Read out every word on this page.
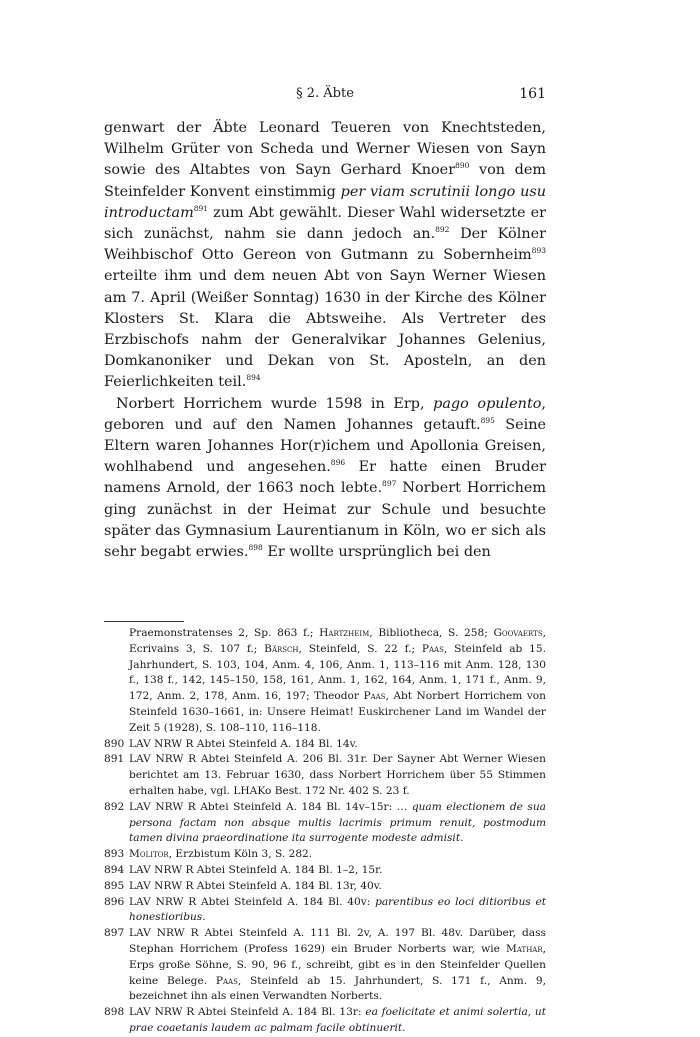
§ 2. Äbte	161

genwart der Äbte Leonard Teueren von Knechtsteden, Wilhelm Grüter von Scheda und Werner Wiesen von Sayn sowie des Altabtes von Sayn Gerhard Knoer$^{890}$ von dem Steinfelder Konvent einstimmig per viam scrutinii longo usu introductam$^{891}$ zum Abt gewählt. Dieser Wahl widersetzte er sich zunächst, nahm sie dann jedoch an.$^{892}$ Der Kölner Weihbischof Otto Gereon von Gutmann zu Sobernheim$^{893}$ erteilte ihm und dem neuen Abt von Sayn Werner Wiesen am 7. April (Weißer Sonntag) 1630 in der Kirche des Kölner Klosters St. Klara die Abtsweihe. Als Vertreter des Erzbischofs nahm der Generalvikar Johannes Gelenius, Domkanoniker und Dekan von St. Aposteln, an den Feierlichkeiten teil.$^{894}$

Norbert Horrichem wurde 1598 in Erp, pago opulento, geboren und auf den Namen Johannes getauft.$^{895}$ Seine Eltern waren Johannes Hor(r)ichem und Apollonia Greisen, wohlhabend und angesehen.$^{896}$ Er hatte einen Bruder namens Arnold, der 1663 noch lebte.$^{897}$ Norbert Horrichem ging zunächst in der Heimat zur Schule und besuchte später das Gymnasium Laurentianum in Köln, wo er sich als sehr begabt erwies.$^{898}$ Er wollte ursprünglich bei den

Praemonstratenses 2, Sp. 863 f.; Hartzheim, Bibliotheca, S. 258; Goovaerts, Ecrivains 3, S. 107 f.; Bärsch, Steinfeld, S. 22 f.; Paas, Steinfeld ab 15. Jahrhundert, S. 103, 104, Anm. 4, 106, Anm. 1, 113–116 mit Anm. 128, 130 f., 138 f., 142, 145–150, 158, 161, Anm. 1, 162, 164, Anm. 1, 171 f., Anm. 9, 172, Anm. 2, 178, Anm. 16, 197; Theodor Paas, Abt Norbert Horrichem von Steinfeld 1630–1661, in: Unsere Heimat! Euskirchener Land im Wandel der Zeit 5 (1928), S. 108–110, 116–118.
890 LAV NRW R Abtei Steinfeld A. 184 Bl. 14v.
891 LAV NRW R Abtei Steinfeld A. 206 Bl. 31r. Der Sayner Abt Werner Wiesen berichtet am 13. Februar 1630, dass Norbert Horrichem über 55 Stimmen erhalten habe, vgl. LHAKo Best. 172 Nr. 402 S. 23 f.
892 LAV NRW R Abtei Steinfeld A. 184 Bl. 14v–15r: … quam electionem de sua persona factam non absque multis lacrimis primum renuit, postmodum tamen divina praeordinatione ita surrogente modeste admisit.
893 Molitor, Erzbistum Köln 3, S. 282.
894 LAV NRW R Abtei Steinfeld A. 184 Bl. 1–2, 15r.
895 LAV NRW R Abtei Steinfeld A. 184 Bl. 13r, 40v.
896 LAV NRW R Abtei Steinfeld A. 184 Bl. 40v: parentibus eo loci ditioribus et honestioribus.
897 LAV NRW R Abtei Steinfeld A. 111 Bl. 2v, A. 197 Bl. 48v. Darüber, dass Stephan Horrichem (Profess 1629) ein Bruder Norberts war, wie Mathar, Erps große Söhne, S. 90, 96 f., schreibt, gibt es in den Steinfelder Quellen keine Belege. Paas, Steinfeld ab 15. Jahrhundert, S. 171 f., Anm. 9, bezeichnet ihn als einen Verwandten Norberts.
898 LAV NRW R Abtei Steinfeld A. 184 Bl. 13r: ea foelicitate et animi solertia, ut prae coaetanis laudem ac palmam facile obtinuerit.
